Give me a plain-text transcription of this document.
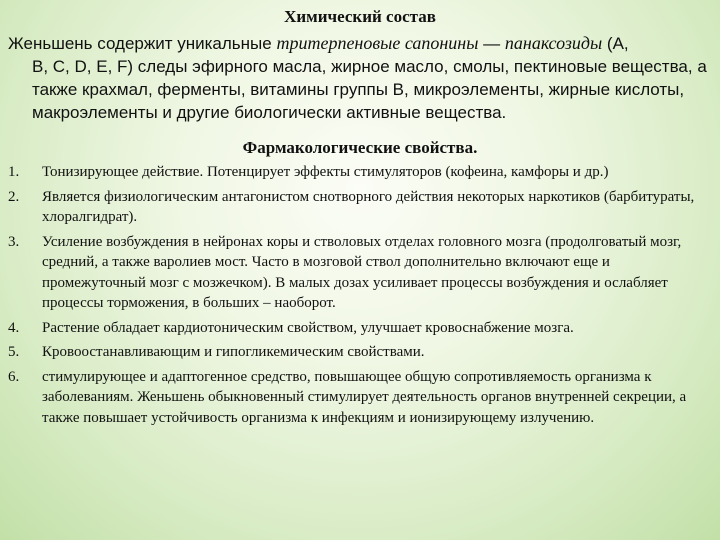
Химический состав
Женьшень содержит уникальные тритерпеновые сапонины — панаксозиды (A,
B, C, D, E, F) следы эфирного масла, жирное масло, смолы, пектиновые вещества, а также крахмал, ферменты, витамины группы В, микроэлементы, жирные кислоты, макроэлементы и другие биологически активные вещества.
Фармакологические свойства.
1. Тонизирующее действие. Потенцирует эффекты стимуляторов (кофеина, камфоры и др.)
2. Является физиологическим антагонистом снотворного действия некоторых наркотиков (барбитураты, хлоралгидрат).
3. Усиление возбуждения в нейронах коры и стволовых отделах головного мозга (продолговатый мозг, средний, а также варолиев мост. Часто в мозговой ствол дополнительно включают еще и промежуточный мозг с мозжечком). В малых дозах усиливает процессы возбуждения и ослабляет процессы торможения, в больших – наоборот.
4. Растение обладает кардиотоническим свойством, улучшает кровоснабжение мозга.
5. Кровоостанавливающим и гипогликемическим свойствами.
6. стимулирующее и адаптогенное средство, повышающее общую сопротивляемость организма к заболеваниям. Женьшень обыкновенный стимулирует деятельность органов внутренней секреции, а также повышает устойчивость организма к инфекциям и ионизирующему излучению.
